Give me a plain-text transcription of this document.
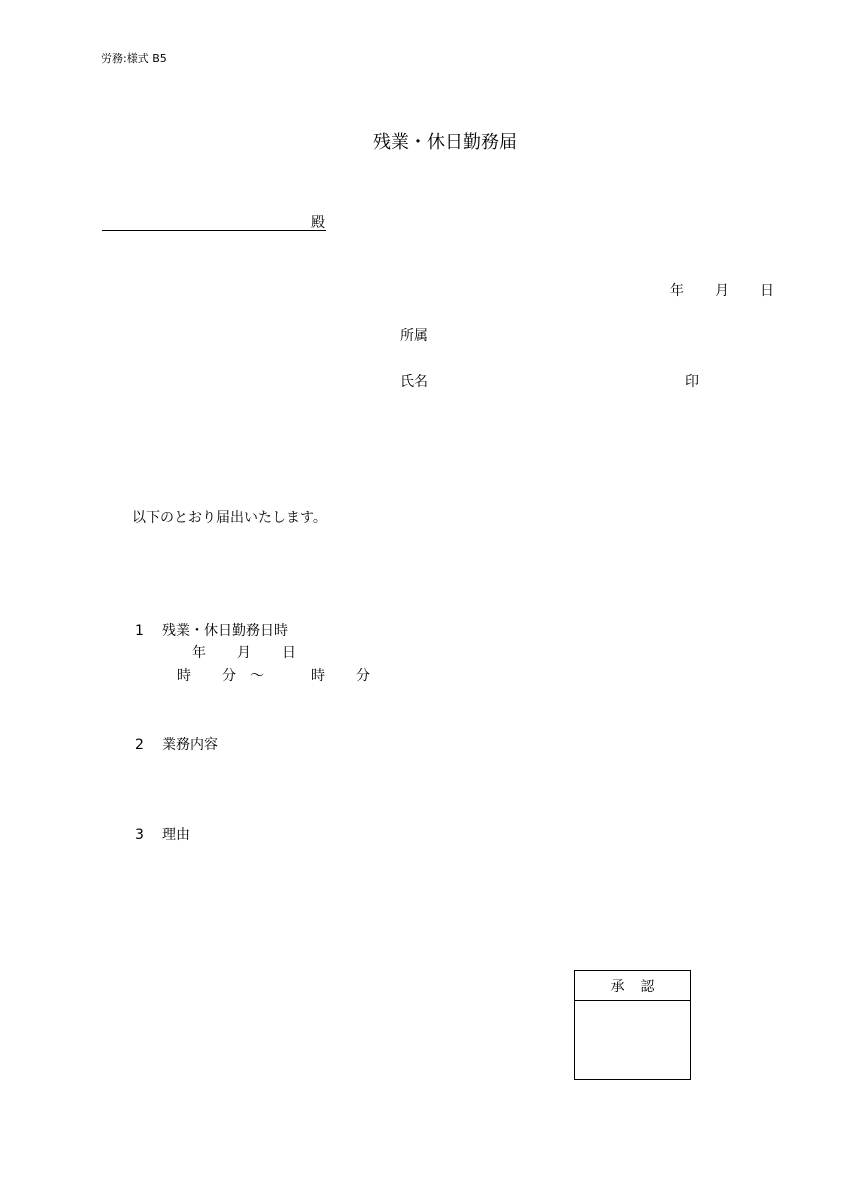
労務:様式 B5
残業・休日勤務届
殿
年 月 日
所属
氏名	印
以下のとおり届出いたします。
1 残業・休日勤務日時
年 月 日
時 分 ～	時 分
2 業務内容
3 理由
承 認
